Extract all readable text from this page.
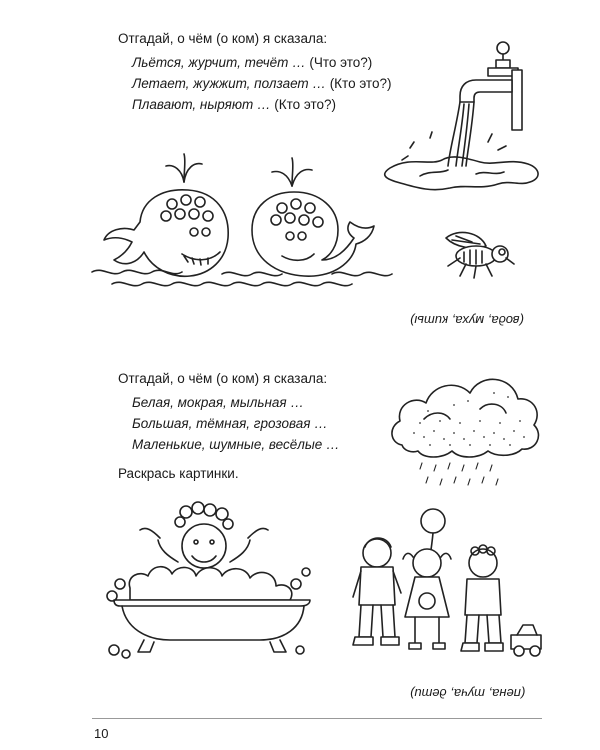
Отгадай, о чём (о ком) я сказала:
Льётся, журчит, течёт … (Что это?)
Летает, жужжит, ползает … (Кто это?)
Плавают, ныряют … (Кто это?)
(вода, муха, киты)
Отгадай, о чём (о ком) я сказала:
Белая, мокрая, мыльная …
Большая, тёмная, грозовая …
Маленькие, шумные, весёлые …
Раскрась картинки.
(пена, туча, дети)
10
